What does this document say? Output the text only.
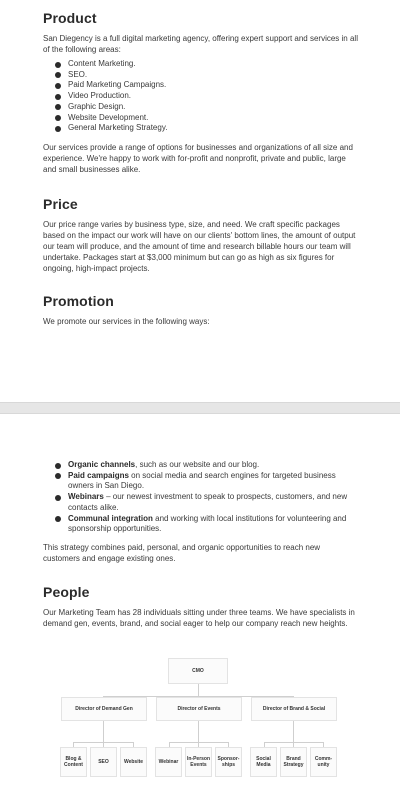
Product

San Diegency is a full digital marketing agency, offering expert support and services in all of the following areas:

Content Marketing.
SEO.
Paid Marketing Campaigns.
Video Production.
Graphic Design.
Website Development.
General Marketing Strategy.

Our services provide a range of options for businesses and organizations of all size and experience. We're happy to work with for-profit and nonprofit, private and public, large and small businesses alike.

Price

Our price range varies by business type, size, and need. We craft specific packages based on the impact our work will have on our clients' bottom lines, the amount of output our team will produce, and the amount of time and research billable hours our team will undertake. Packages start at $3,000 minimum but can go as high as six figures for ongoing, high-impact projects.

Promotion

We promote our services in the following ways:

Organic channels, such as our website and our blog.
Paid campaigns on social media and search engines for targeted business owners in San Diego.
Webinars – our newest investment to speak to prospects, customers, and new contacts alike.
Communal integration and working with local institutions for volunteering and sponsorship opportunities.

This strategy combines paid, personal, and organic opportunities to reach new customers and engage existing ones.

People

Our Marketing Team has 28 individuals sitting under three teams. We have specialists in demand gen, events, brand, and social eager to help our company reach new heights.

CMO
Director of Demand Gen	Director of Events	Director of Brand & Social
Blog & Content	SEO	Website	Webinar	In-Person Events
Sponsor-ships
Social Media
Brand Strategy
Comm-unity
